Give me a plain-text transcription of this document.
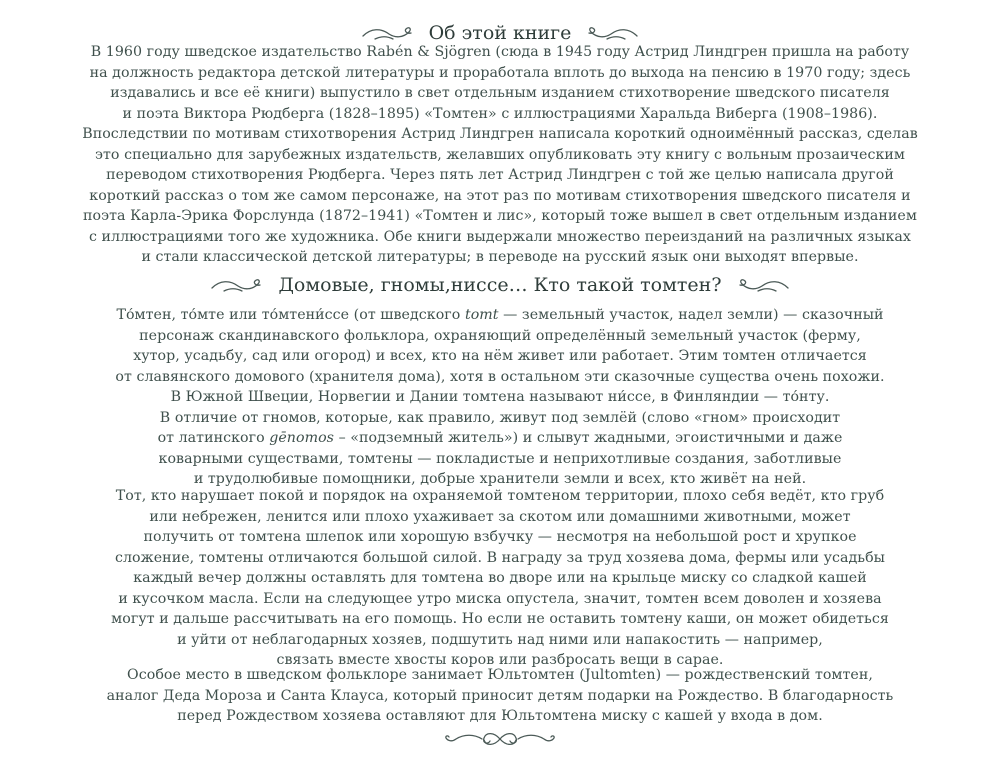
Об этой книге
В 1960 году шведское издательство Rabén & Sjögren (сюда в 1945 году Астрид Линдгрен пришла на работу
на должность редактора детской литературы и проработала вплоть до выхода на пенсию в 1970 году; здесь
издавались и все её книги) выпустило в свет отдельным изданием стихотворение шведского писателя
и поэта Виктора Рюдберга (1828–1895) «Томтен» с иллюстрациями Харальда Виберга (1908–1986).
Впоследствии по мотивам стихотворения Астрид Линдгрен написала короткий одноимённый рассказ, сделав
это специально для зарубежных издательств, желавших опубликовать эту книгу с вольным прозаическим
переводом стихотворения Рюдберга. Через пять лет Астрид Линдгрен с той же целью написала другой
короткий рассказ о том же самом персонаже, на этот раз по мотивам стихотворения шведского писателя и
поэта Карла-Эрика Форслунда (1872–1941) «Томтен и лис», который тоже вышел в свет отдельным изданием
с иллюстрациями того же художника. Обе книги выдержали множество переизданий на различных языках
и стали классической детской литературы; в переводе на русский язык они выходят впервые.
Домовые, гномы,ниссе… Кто такой томтен?
То́мтен, то́мте или то́мтени́ссе (от шведского tomt — земельный участок, надел земли) — сказочный
персонаж скандинавского фольклора, охраняющий определённый земельный участок (ферму,
хутор, усадьбу, сад или огород) и всех, кто на нём живет или работает. Этим томтен отличается
от славянского домового (хранителя дома), хотя в остальном эти сказочные существа очень похожи.
В Южной Швеции, Норвегии и Дании томтена называют ни́ссе, в Финляндии — то́нту.
В отличие от гномов, которые, как правило, живут под землёй (слово «гном» происходит
от латинского gēnomos – «подземный житель») и слывут жадными, эгоистичными и даже
коварными существами, томтены — покладистые и неприхотливые создания, заботливые
и трудолюбивые помощники, добрые хранители земли и всех, кто живёт на ней.
Тот, кто нарушает покой и порядок на охраняемой томтеном территории, плохо себя ведёт, кто груб
или небрежен, ленится или плохо ухаживает за скотом или домашними животными, может
получить от томтена шлепок или хорошую взбучку — несмотря на небольшой рост и хрупкое
сложение, томтены отличаются большой силой. В награду за труд хозяева дома, фермы или усадьбы
каждый вечер должны оставлять для томтена во дворе или на крыльце миску со сладкой кашей
и кусочком масла. Если на следующее утро миска опустела, значит, томтен всем доволен и хозяева
могут и дальше рассчитывать на его помощь. Но если не оставить томтену каши, он может обидеться
и уйти от неблагодарных хозяев, подшутить над ними или напакостить — например,
связать вместе хвосты коров или разбросать вещи в сарае.
Особое место в шведском фольклоре занимает Юльтомтен (Jultomten) — рождественский томтен,
аналог Деда Мороза и Санта Клауса, который приносит детям подарки на Рождество. В благодарность
перед Рождеством хозяева оставляют для Юльтомтена миску с кашей у входа в дом.
